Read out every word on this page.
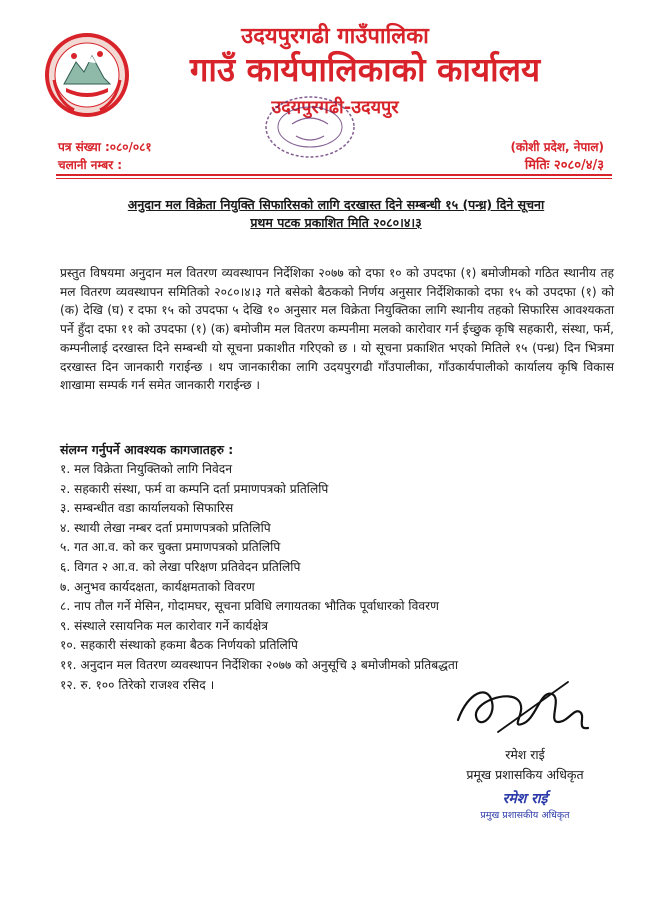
उदयपुरगढी गाउँपालिका
गाउँ कार्यपालिकाको कार्यालय
उदयपुरगढी-उदयपुर
पत्र संख्या :०८०/०८१
चलानी नम्बर :
(कोशी प्रदेश, नेपाल)
मितिः २०८०/४/३
अनुदान मल विक्रेता नियुक्ति सिफारिसको लागि दरखास्त दिने सम्बन्धी १५ (पन्ध्र) दिने सूचना
प्रथम पटक प्रकाशित मिति २०८०।४।३
प्रस्तुत विषयमा अनुदान मल वितरण व्यवस्थापन निर्देशिका २०७७ को दफा १० को उपदफा (१) बमोजीमको गठित स्थानीय तह मल वितरण व्यवस्थापन समितिको २०८०।४।३ गते बसेको बैठकको निर्णय अनुसार निर्देशिकाको दफा १५ को उपदफा (१) को (क) देखि (घ) र दफा १५ को उपदफा ५ देखि १० अनुसार मल विक्रेता नियुक्तिका लागि स्थानीय तहको सिफारिस आवश्यकता पर्ने हुँदा दफा ११ को उपदफा (१) (क) बमोजीम मल वितरण कम्पनीमा मलको कारोवार गर्न ईच्छुक कृषि सहकारी, संस्था, फर्म, कम्पनीलाई दरखास्त दिने सम्बन्धी यो सूचना प्रकाशीत गरिएको छ । यो सूचना प्रकाशित भएको मितिले १५ (पन्ध्र) दिन भित्रमा दरखास्त दिन जानकारी गराईन्छ । थप जानकारीका लागि उदयपुरगढी गाँउपालीका, गाँउकार्यपालीको कार्यालय कृषि विकास शाखामा सम्पर्क गर्न समेत जानकारी गराईन्छ ।
संलग्न गर्नुपर्ने आवश्यक कागजातहरु :
१. मल विक्रेता नियुक्तिको लागि निवेदन
२. सहकारी संस्था, फर्म वा कम्पनि दर्ता प्रमाणपत्रको प्रतिलिपि
३. सम्बन्धीत वडा कार्यालयको सिफारिस
४. स्थायी लेखा नम्बर दर्ता प्रमाणपत्रको प्रतिलिपि
५. गत आ.व. को कर चुक्ता प्रमाणपत्रको प्रतिलिपि
६. विगत २ आ.व. को लेखा परिक्षण प्रतिवेदन प्रतिलिपि
७. अनुभव कार्यदक्षता, कार्यक्षमताको विवरण
८. नाप तौल गर्ने मेसिन, गोदामघर, सूचना प्रविधि लगायतका भौतिक पूर्वाधारको विवरण
९. संस्थाले रसायनिक मल कारोवार गर्ने कार्यक्षेत्र
१०. सहकारी संस्थाको हकमा बैठक निर्णयको प्रतिलिपि
११. अनुदान मल वितरण व्यवस्थापन निर्देशिका २०७७ को अनुसूचि ३ बमोजीमको प्रतिबद्धता
१२. रु. १०० तिरेको राजश्व रसिद ।
रमेश राई
प्रमूख प्रशासकिय अधिकृत
रमेश राई
प्रमुख प्रशासकीय अधिकृत
